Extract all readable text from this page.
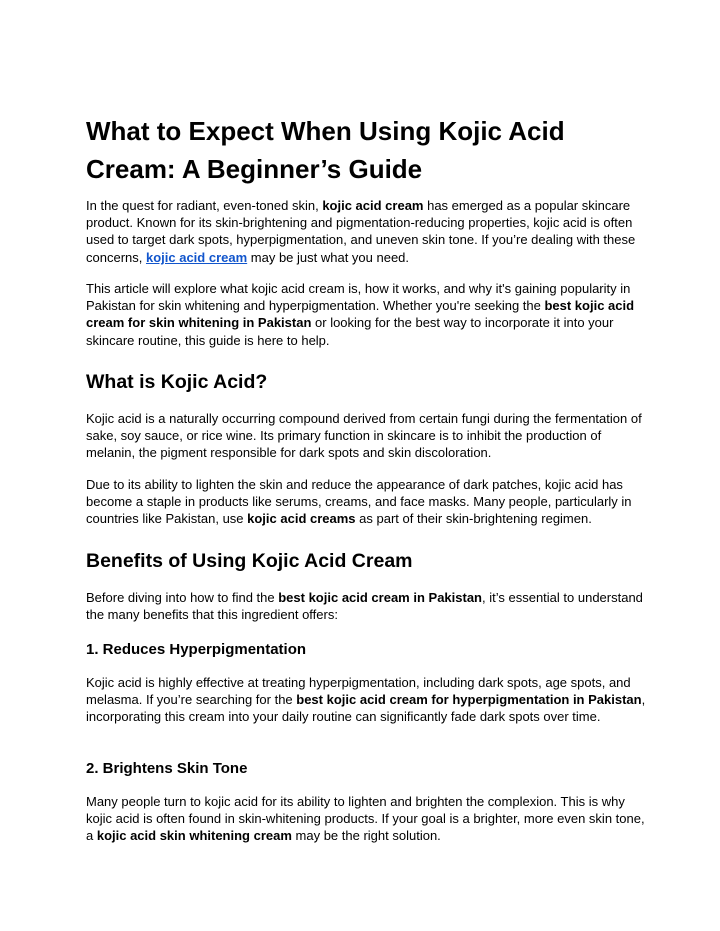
What to Expect When Using Kojic Acid
Cream: A Beginner’s Guide

In the quest for radiant, even-toned skin, kojic acid cream has emerged as a popular skincare product. Known for its skin-brightening and pigmentation-reducing properties, kojic acid is often used to target dark spots, hyperpigmentation, and uneven skin tone. If you’re dealing with these concerns, kojic acid cream may be just what you need.

This article will explore what kojic acid cream is, how it works, and why it's gaining popularity in Pakistan for skin whitening and hyperpigmentation. Whether you're seeking the best kojic acid cream for skin whitening in Pakistan or looking for the best way to incorporate it into your skincare routine, this guide is here to help.

What is Kojic Acid?

Kojic acid is a naturally occurring compound derived from certain fungi during the fermentation of sake, soy sauce, or rice wine. Its primary function in skincare is to inhibit the production of melanin, the pigment responsible for dark spots and skin discoloration.

Due to its ability to lighten the skin and reduce the appearance of dark patches, kojic acid has become a staple in products like serums, creams, and face masks. Many people, particularly in countries like Pakistan, use kojic acid creams as part of their skin-brightening regimen.

Benefits of Using Kojic Acid Cream

Before diving into how to find the best kojic acid cream in Pakistan, it’s essential to understand the many benefits that this ingredient offers:

1. Reduces Hyperpigmentation

Kojic acid is highly effective at treating hyperpigmentation, including dark spots, age spots, and melasma. If you’re searching for the best kojic acid cream for hyperpigmentation in Pakistan, incorporating this cream into your daily routine can significantly fade dark spots over time.

2. Brightens Skin Tone

Many people turn to kojic acid for its ability to lighten and brighten the complexion. This is why kojic acid is often found in skin-whitening products. If your goal is a brighter, more even skin tone, a kojic acid skin whitening cream may be the right solution.
